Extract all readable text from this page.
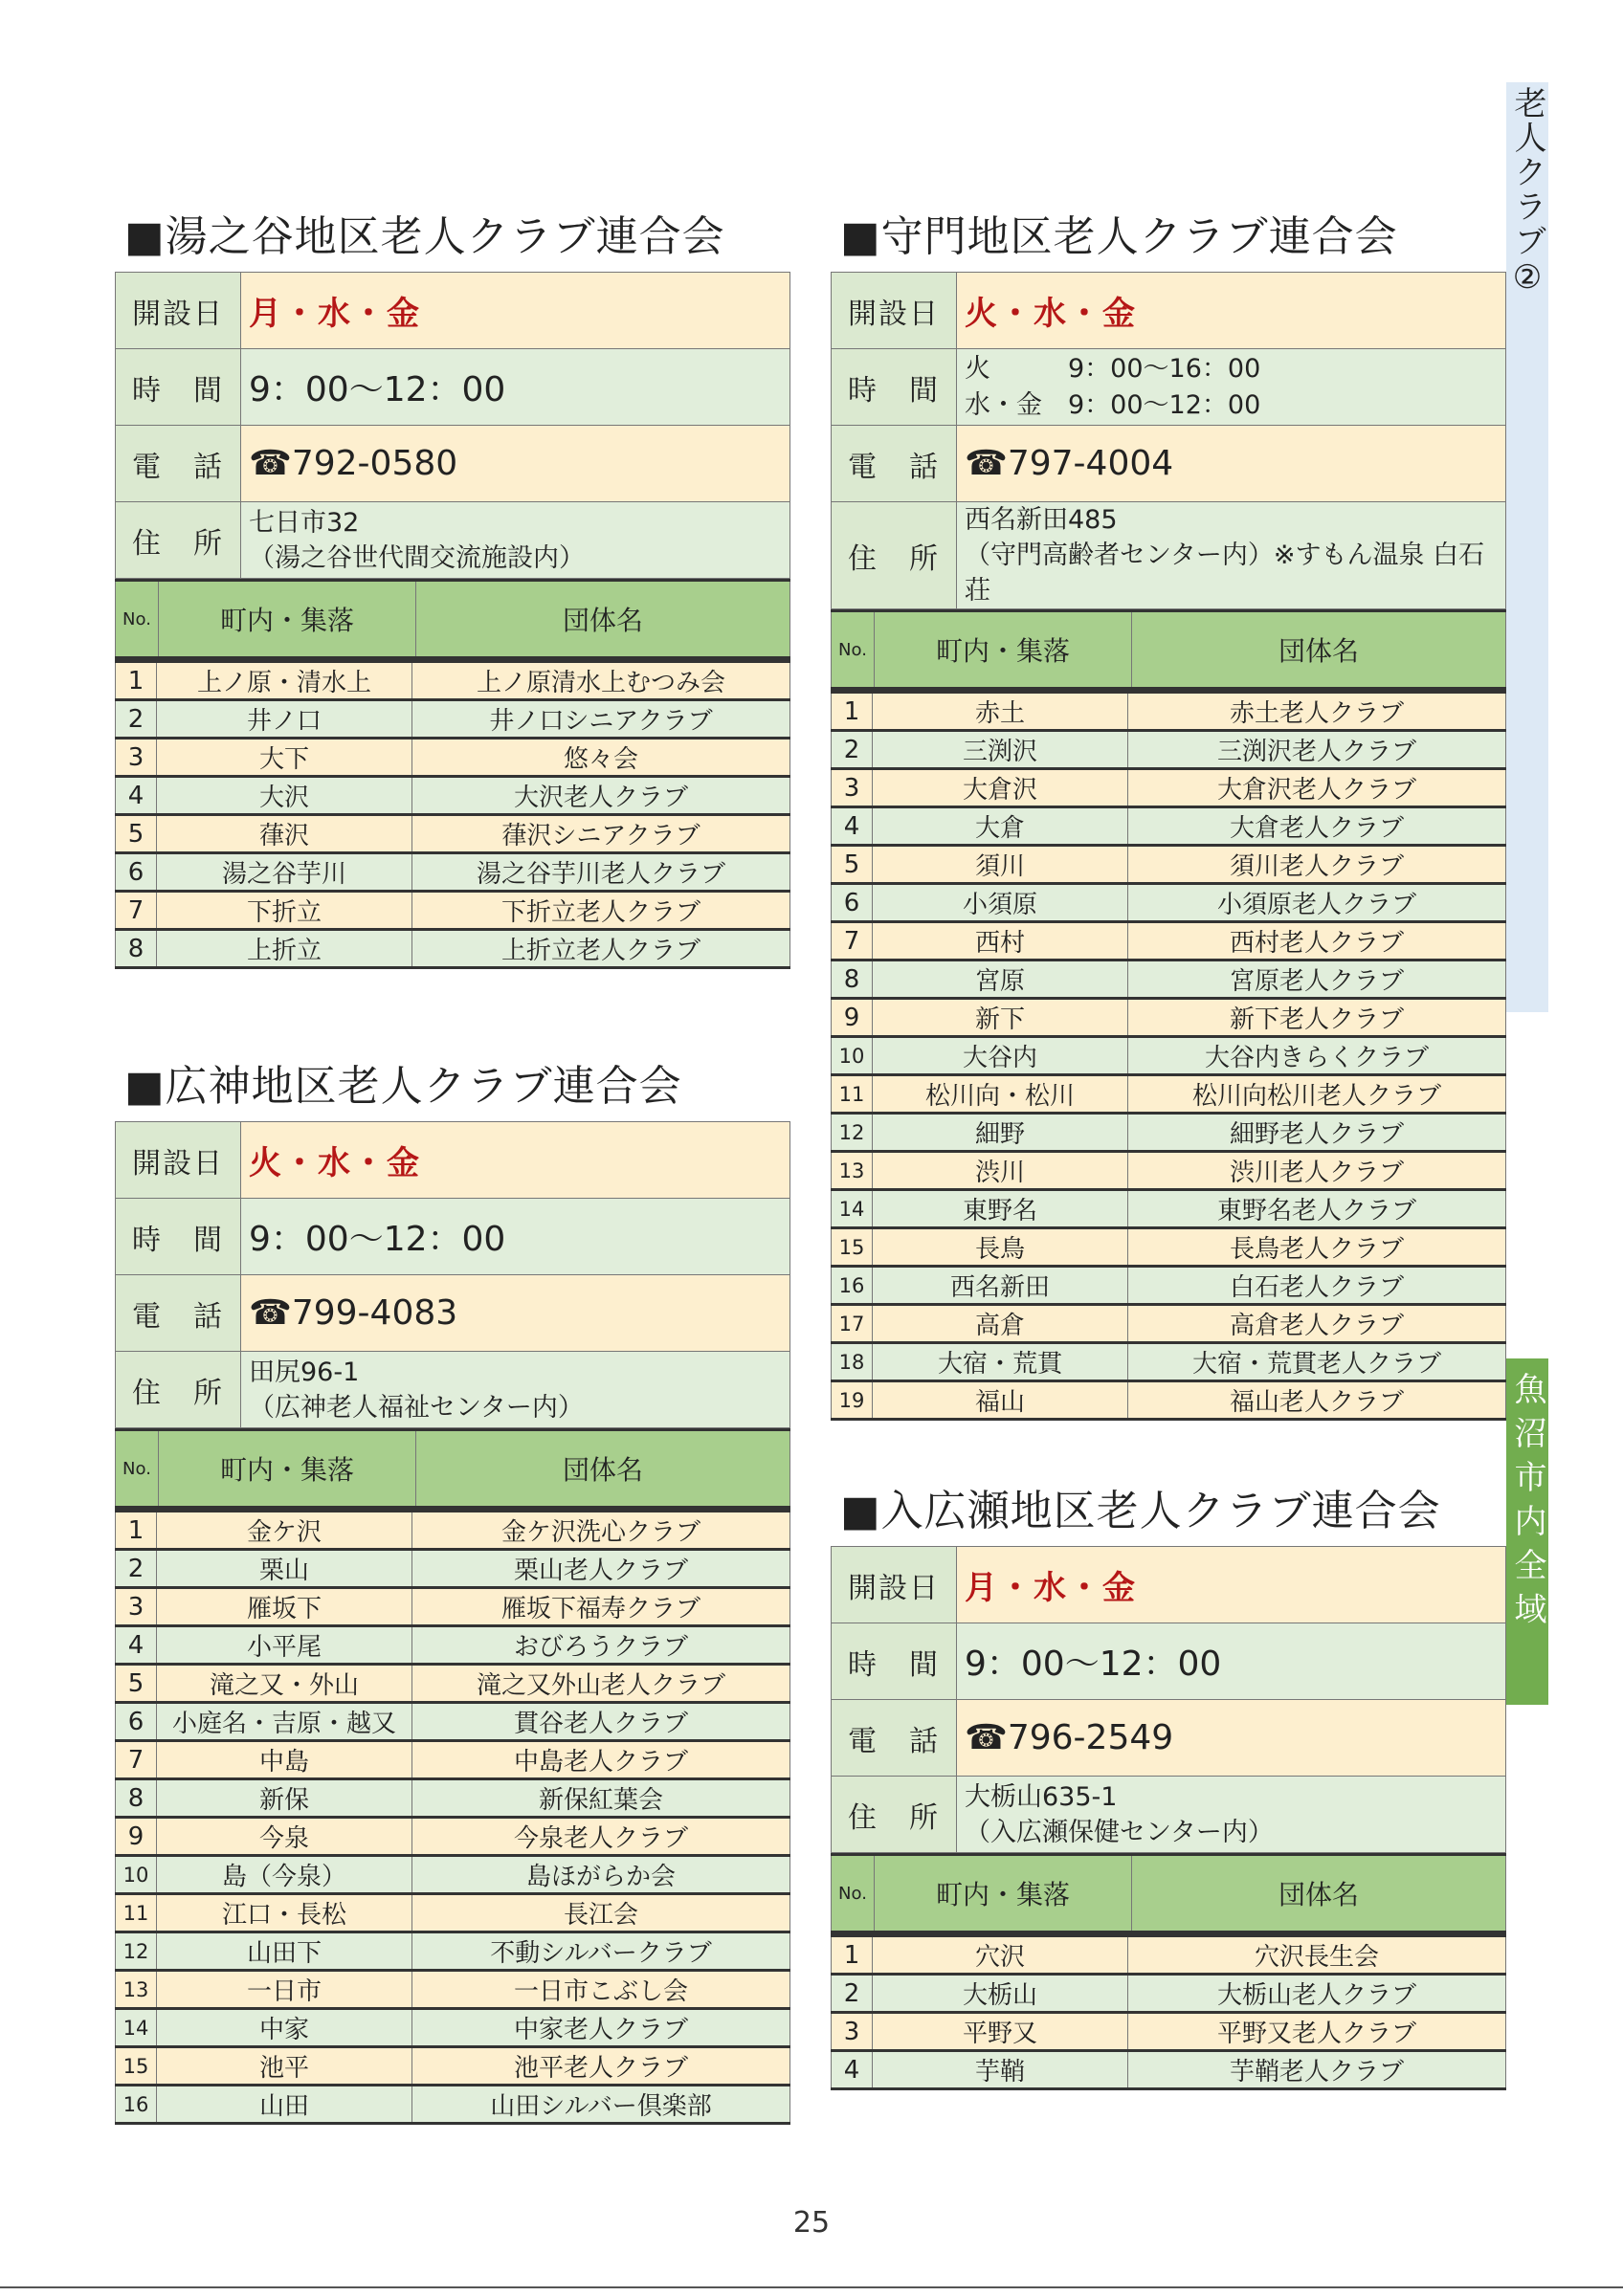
■湯之谷地区老人クラブ連合会
開設日	月・水・金
時　間	9：00～12：00
電　話	☎792-0580
住　所	七日市32
（湯之谷世代間交流施設内）
No.	町内・集落	団体名
1	上ノ原・清水上	上ノ原清水上むつみ会
2	井ノ口	井ノ口シニアクラブ
3	大下	悠々会
4	大沢	大沢老人クラブ
5	葎沢	葎沢シニアクラブ
6	湯之谷芋川	湯之谷芋川老人クラブ
7	下折立	下折立老人クラブ
8	上折立	上折立老人クラブ
■守門地区老人クラブ連合会
開設日	火・水・金
時　間	火　　　9：00～16：00
水・金　9：00～12：00

電　話	☎797-4004
住　所	西名新田485
（守門高齢者センター内）※すもん温泉 白石荘
No.	町内・集落	団体名
1	赤土	赤土老人クラブ
2	三渕沢	三渕沢老人クラブ
3	大倉沢	大倉沢老人クラブ
4	大倉	大倉老人クラブ
5	須川	須川老人クラブ
6	小須原	小須原老人クラブ
7	西村	西村老人クラブ
8	宮原	宮原老人クラブ
9	新下	新下老人クラブ
10	大谷内	大谷内きらくクラブ
11	松川向・松川	松川向松川老人クラブ
12	細野	細野老人クラブ
13	渋川	渋川老人クラブ
14	東野名	東野名老人クラブ
15	長鳥	長鳥老人クラブ
16	西名新田	白石老人クラブ
17	高倉	高倉老人クラブ
18	大宿・荒貫	大宿・荒貫老人クラブ
19	福山	福山老人クラブ
■広神地区老人クラブ連合会
開設日	火・水・金
時　間	9：00～12：00
電　話	☎799-4083
住　所	田尻96-1
（広神老人福祉センター内）
No.	町内・集落	団体名
1	金ケ沢	金ケ沢洗心クラブ
2	栗山	栗山老人クラブ
3	雁坂下	雁坂下福寿クラブ
4	小平尾	おびろうクラブ
5	滝之又・外山	滝之又外山老人クラブ
6	小庭名・吉原・越又	貫谷老人クラブ
7	中島	中島老人クラブ
8	新保	新保紅葉会
9	今泉	今泉老人クラブ
10	島（今泉）	島ほがらか会
11	江口・長松	長江会
12	山田下	不動シルバークラブ
13	一日市	一日市こぶし会
14	中家	中家老人クラブ
15	池平	池平老人クラブ
16	山田	山田シルバー倶楽部
■入広瀬地区老人クラブ連合会
開設日	月・水・金
時　間	9：00～12：00
電　話	☎796-2549
住　所	大栃山635-1
（入広瀬保健センター内）
No.	町内・集落	団体名
1	穴沢	穴沢長生会
2	大栃山	大栃山老人クラブ
3	平野又	平野又老人クラブ
4	芋鞘	芋鞘老人クラブ
老人クラブ②
魚沼市内全域
25
